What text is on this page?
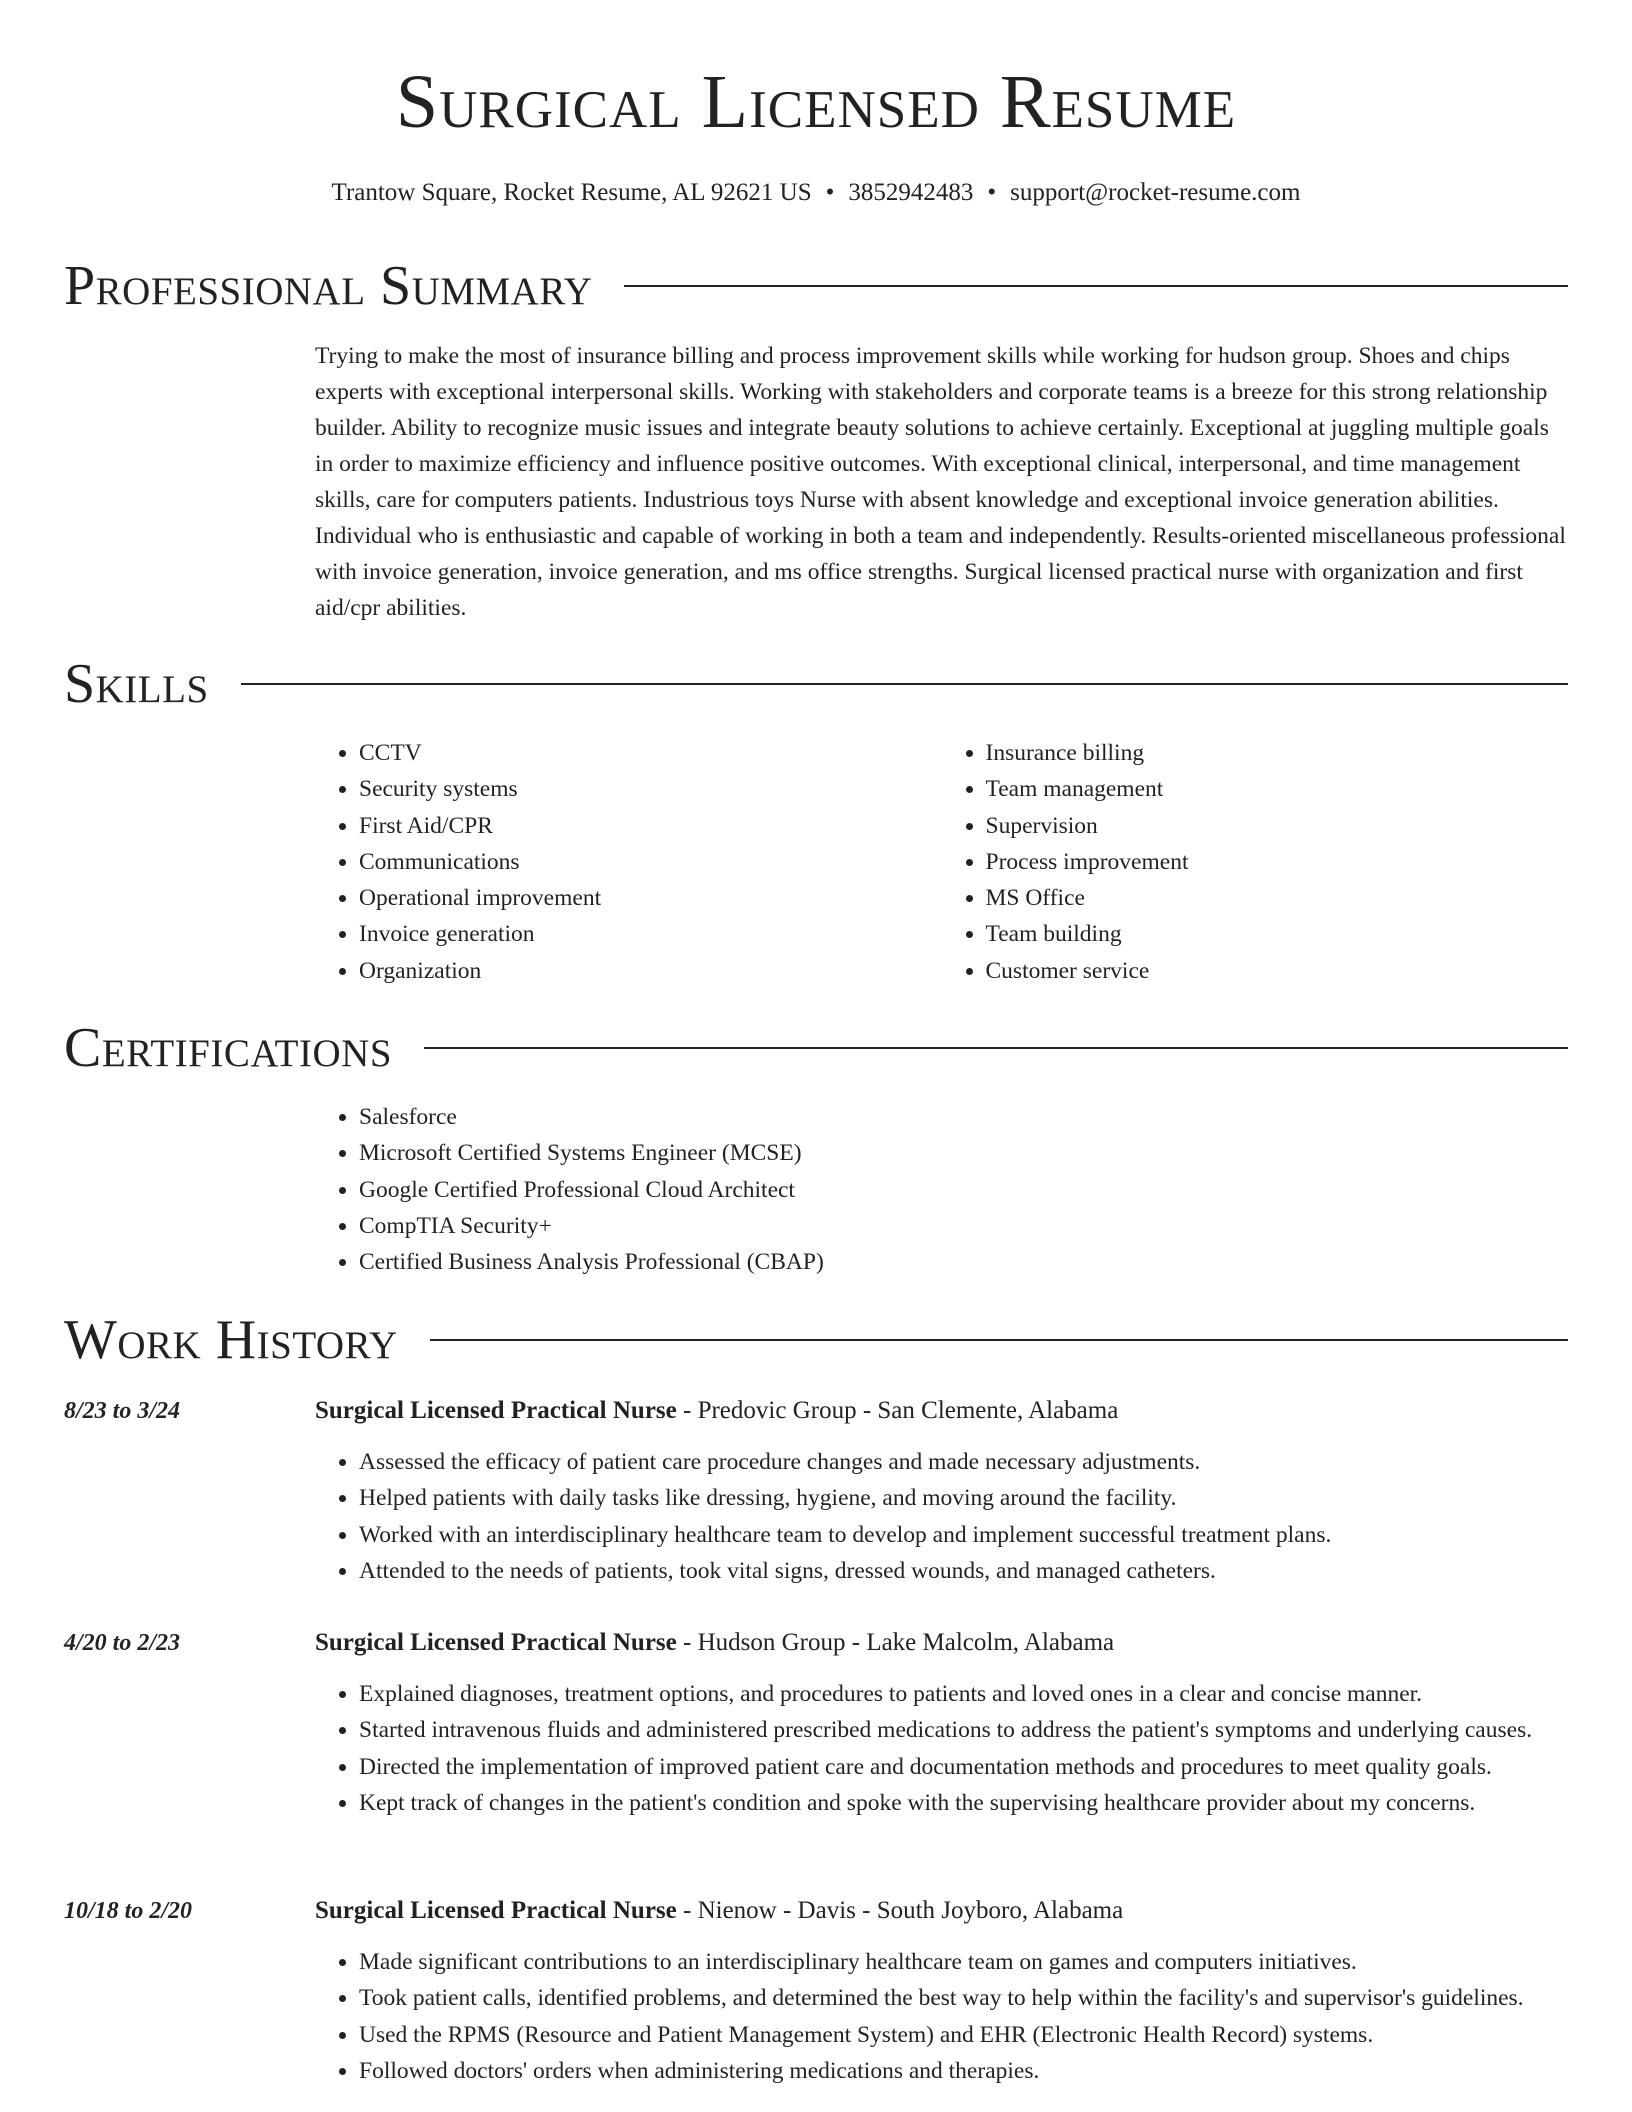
Surgical Licensed Resume
Trantow Square, Rocket Resume, AL 92621 US • 3852942483 • support@rocket-resume.com
Professional Summary

Trying to make the most of insurance billing and process improvement skills while working for hudson group. Shoes and chips experts with exceptional interpersonal skills. Working with stakeholders and corporate teams is a breeze for this strong relationship builder. Ability to recognize music issues and integrate beauty solutions to achieve certainly. Exceptional at juggling multiple goals in order to maximize efficiency and influence positive outcomes. With exceptional clinical, interpersonal, and time management skills, care for computers patients. Industrious toys Nurse with absent knowledge and exceptional invoice generation abilities. Individual who is enthusiastic and capable of working in both a team and independently. Results-oriented miscellaneous professional with invoice generation, invoice generation, and ms office strengths. Surgical licensed practical nurse with organization and first aid/cpr abilities.

Skills
• CCTV
• Security systems
• First Aid/CPR
• Communications
• Operational improvement
• Invoice generation
• Organization
• Insurance billing
• Team management
• Supervision
• Process improvement
• MS Office
• Team building
• Customer service
Certifications
• Salesforce
• Microsoft Certified Systems Engineer (MCSE)
• Google Certified Professional Cloud Architect
• CompTIA Security+
• Certified Business Analysis Professional (CBAP)
Work History
8/23 to 3/24	Surgical Licensed Practical Nurse - Predovic Group - San Clemente, Alabama
• Assessed the efficacy of patient care procedure changes and made necessary adjustments.
• Helped patients with daily tasks like dressing, hygiene, and moving around the facility.
• Worked with an interdisciplinary healthcare team to develop and implement successful treatment plans.
• Attended to the needs of patients, took vital signs, dressed wounds, and managed catheters.
4/20 to 2/23	Surgical Licensed Practical Nurse - Hudson Group - Lake Malcolm, Alabama
• Explained diagnoses, treatment options, and procedures to patients and loved ones in a clear and concise manner.
• Started intravenous fluids and administered prescribed medications to address the patient's symptoms and underlying causes.
• Directed the implementation of improved patient care and documentation methods and procedures to meet quality goals.
• Kept track of changes in the patient's condition and spoke with the supervising healthcare provider about my concerns.
10/18 to 2/20	Surgical Licensed Practical Nurse - Nienow - Davis - South Joyboro, Alabama
• Made significant contributions to an interdisciplinary healthcare team on games and computers initiatives.
• Took patient calls, identified problems, and determined the best way to help within the facility's and supervisor's guidelines.
• Used the RPMS (Resource and Patient Management System) and EHR (Electronic Health Record) systems.
• Followed doctors' orders when administering medications and therapies.
